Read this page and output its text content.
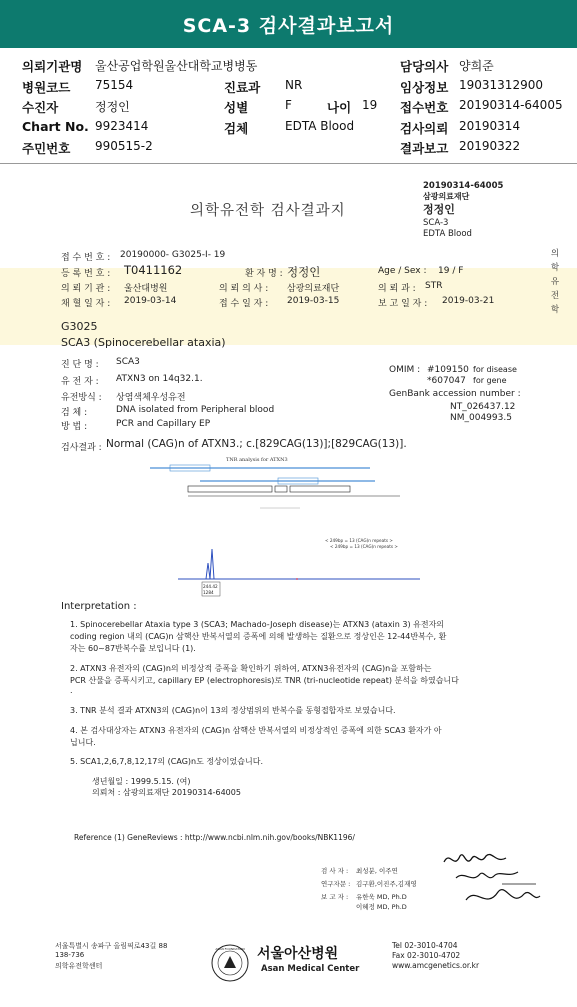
SCA-3 검사결과보고서
의뢰기관명 울산공업학원울산대학교병병동	담당의사 양희준
병원코드 75154	진료과 NR	임상정보 19031312900
수진자	정정인	성별	F	나이 19 접수번호 20190314-64005
Chart No. 9923414	검체	EDTA Blood	검사의뢰 20190314
주민번호 990515-2	결과보고 20190322
의학유전학 검사결과지
20190314-64005
삼광의료재단
정정인
SCA-3
EDTA Blood
의학유전학
접 수 번 호 : 20190000- G3025-I- 19
등 록 번 호 : T0411162	환 자 명 : 정정인	Age / Sex : 19 / F
의 뢰 기 관 : 울산대병원	의 뢰 의 사 : 삼광의료재단	의 뢰 과 : STR
채 혈 일 자 : 2019-03-14	접 수 일 자 : 2019-03-15	보 고 일 자 : 2019-03-21
G3025
SCA3 (Spinocerebellar ataxia)
진 단 명 : SCA3
유 전 자 : ATXN3 on 14q32.1.
유전방식 : 상염색체우성유전
검 체 :	DNA isolated from Peripheral blood
방 법 :	PCR and Capillary EP
OMIM : #109150 for disease
*607047 for gene
GenBank accession number :
NT_026437.12
NM_004993.5
검사결과 : Normal (CAG)n of ATXN3.; c.[829CAG(13)];[829CAG(13)].
TNR analysis for ATXN3
< 249bp = 13 (CAG)n repeats >
< 249bp = 13 (CAG)n repeats >
244.42
1284
Interpretation :
1. Spinocerebellar Ataxia type 3 (SCA3; Machado-Joseph disease)는 ATXN3 (ataxin 3) 유전자의
coding region 내의 (CAG)n 삼핵산 반복서열의 증폭에 의해 발생하는 질환으로 정상인은 12-44반복수, 환
자는 60~87반복수를 보입니다 (1).
2. ATXN3 유전자의 (CAG)n의 비정상적 증폭을 확인하기 위하여, ATXN3유전자의 (CAG)n을 포함하는
PCR 산물을 증폭시키고, capillary EP (electrophoresis)로 TNR (tri-nucleotide repeat) 분석을 하였습니다
.
3. TNR 분석 결과 ATXN3의 (CAG)n이 13의 정상범위의 반복수를 동형접합자로 보였습니다.
4. 본 검사대상자는 ATXN3 유전자의 (CAG)n 삼핵산 반복서열의 비정상적인 증폭에 의한 SCA3 환자가 아
닙니다.
5. SCA1,2,6,7,8,12,17의 (CAG)n도 정상이었습니다.
생년월일 : 1999.5.15. (여)
의뢰처 : 삼광의료재단 20190314-64005
Reference (1) GeneReviews : http://www.ncbi.nlm.nih.gov/books/NBK1196/
검 사 자 : 최성분, 이주연
연구자문 : 김구환,이진주,김재영
보 고 자 : 유한욱 MD, Ph.D
이혜정 MD, Ph.D
서울특별시 송파구 올림픽로43길 88
138-736
의학유전학센터
ASAN FOUNDATION 서울아산병원
Asan Medical Center
Tel 02-3010-4704
Fax 02-3010-4702
www.amcgenetics.or.kr
